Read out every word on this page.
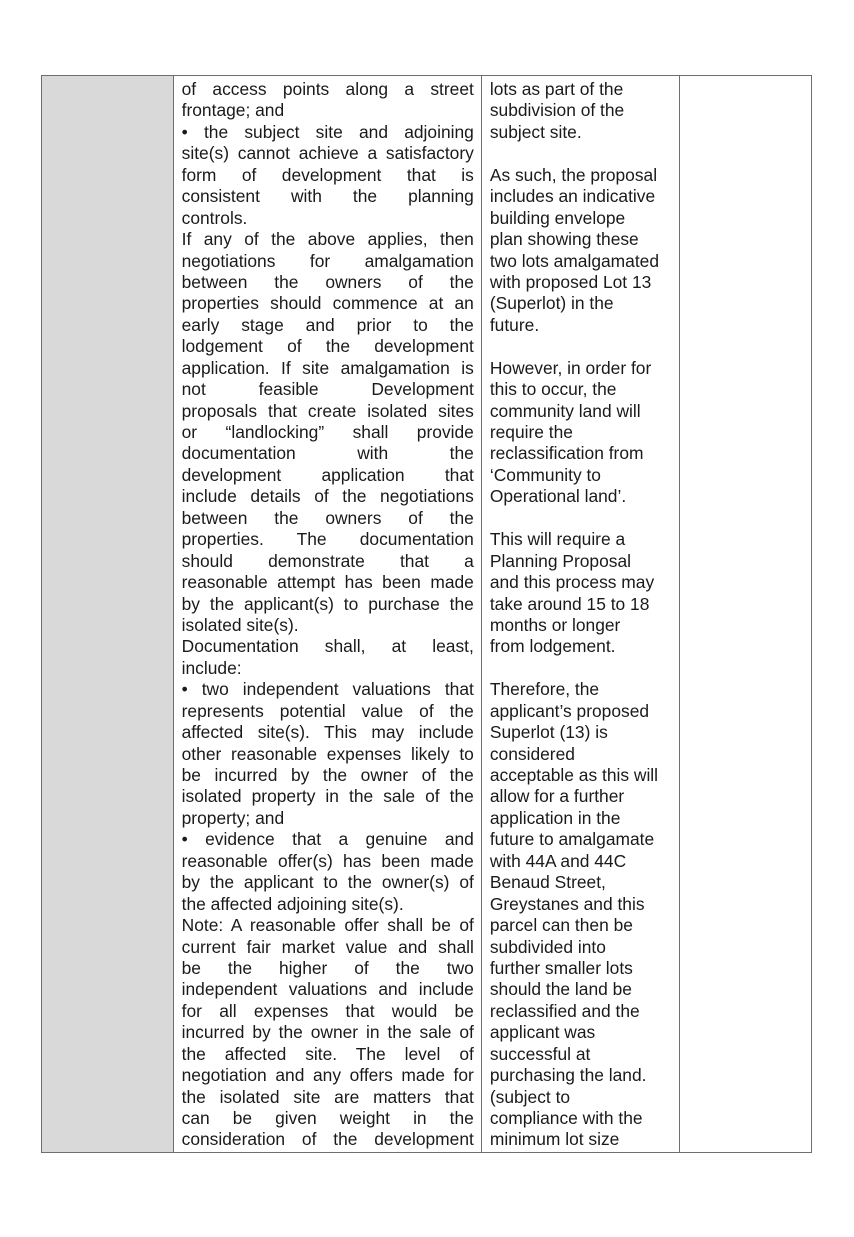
of access points along a street
frontage; and
• the subject site and adjoining
site(s) cannot achieve a satisfactory
form of development that is
consistent with the planning
controls.
If any of the above applies, then
negotiations for amalgamation
between the owners of the
properties should commence at an
early stage and prior to the
lodgement of the development
application. If site amalgamation is
not feasible Development
proposals that create isolated sites
or “landlocking” shall provide
documentation with the
development application that
include details of the negotiations
between the owners of the
properties. The documentation
should demonstrate that a
reasonable attempt has been made
by the applicant(s) to purchase the
isolated site(s).
Documentation shall, at least,
include:
• two independent valuations that
represents potential value of the
affected site(s). This may include
other reasonable expenses likely to
be incurred by the owner of the
isolated property in the sale of the
property; and
• evidence that a genuine and
reasonable offer(s) has been made
by the applicant to the owner(s) of
the affected adjoining site(s).
Note: A reasonable offer shall be of
current fair market value and shall
be the higher of the two
independent valuations and include
for all expenses that would be
incurred by the owner in the sale of
the affected site. The level of
negotiation and any offers made for
the isolated site are matters that
can be given weight in the
consideration of the development
lots as part of the
subdivision of the
subject site.
As such, the proposal
includes an indicative
building envelope
plan showing these
two lots amalgamated
with proposed Lot 13
(Superlot) in the
future.
However, in order for
this to occur, the
community land will
require the
reclassification from
‘Community to
Operational land’.
This will require a
Planning Proposal
and this process may
take around 15 to 18
months or longer
from lodgement.
Therefore, the
applicant’s proposed
Superlot (13) is
considered
acceptable as this will
allow for a further
application in the
future to amalgamate
with 44A and 44C
Benaud Street,
Greystanes and this
parcel can then be
subdivided into
further smaller lots
should the land be
reclassified and the
applicant was
successful at
purchasing the land.
(subject to
compliance with the
minimum lot size
